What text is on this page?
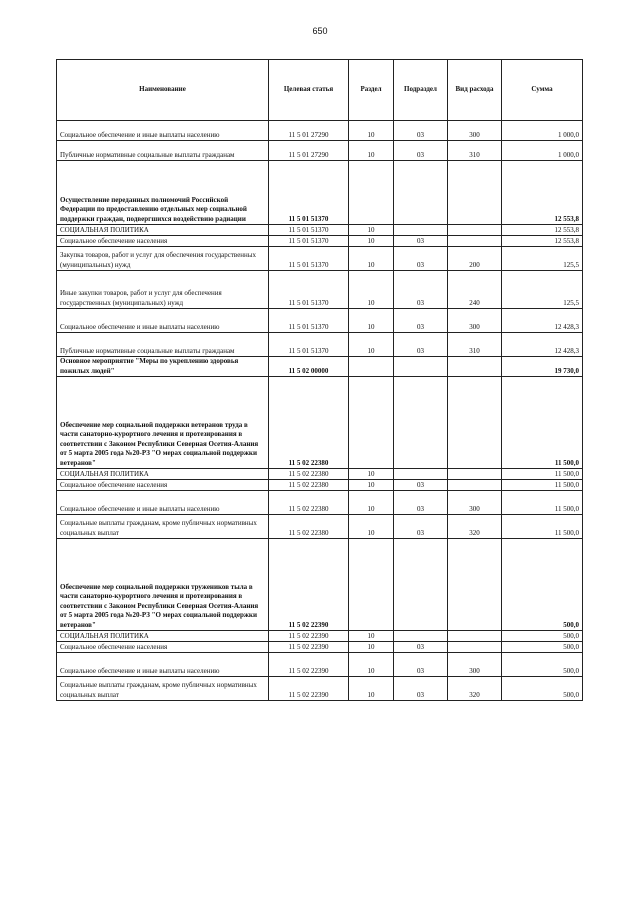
650
Наименование	Целевая статья	Раздел	Подраздел	Вид расхода	Сумма
Социальное обеспечение и иные выплаты населению	11 5 01 27290	10	03	300	1 000,0
Публичные нормативные социальные выплаты гражданам	11 5 01 27290	10	03	310	1 000,0
Осуществление переданных полномочий Российской Федерации по предоставлению отдельных мер социальной поддержки граждан, подвергшихся воздействию радиации	11 5 01 51370				12 553,8
СОЦИАЛЬНАЯ ПОЛИТИКА	11 5 01 51370	10			12 553,8
Социальное обеспечение населения	11 5 01 51370	10	03		12 553,8
Закупка товаров, работ и услуг для обеспечения государственных (муниципальных) нужд	11 5 01 51370	10	03	200	125,5
Иные закупки товаров, работ и услуг для обеспечения государственных (муниципальных) нужд	11 5 01 51370	10	03	240	125,5
Социальное обеспечение и иные выплаты населению	11 5 01 51370	10	03	300	12 428,3
Публичные нормативные социальные выплаты гражданам	11 5 01 51370	10	03	310	12 428,3
Основное мероприятие "Меры по укреплению здоровья пожилых людей"	11 5 02 00000				19 730,0
Обеспечение мер социальной поддержки ветеранов труда в части санаторно-курортного лечения и протезирования в соответствии с Законом Республики Северная Осетия-Алания от 5 марта 2005 года №20-РЗ "О мерах социальной поддержки ветеранов"	11 5 02 22380				11 500,0
СОЦИАЛЬНАЯ ПОЛИТИКА	11 5 02 22380	10			11 500,0
Социальное обеспечение населения	11 5 02 22380	10	03		11 500,0
Социальное обеспечение и иные выплаты населению	11 5 02 22380	10	03	300	11 500,0
Социальные выплаты гражданам, кроме публичных нормативных социальных выплат	11 5 02 22380	10	03	320	11 500,0
Обеспечение мер социальной поддержки тружеников тыла в части санаторно-курортного лечения и протезирования в соответствии с Законом Республики Северная Осетия-Алания от 5 марта 2005 года №20-РЗ "О мерах социальной поддержки ветеранов"	11 5 02 22390				500,0
СОЦИАЛЬНАЯ ПОЛИТИКА	11 5 02 22390	10			500,0
Социальное обеспечение населения	11 5 02 22390	10	03		500,0
Социальное обеспечение и иные выплаты населению	11 5 02 22390	10	03	300	500,0
Социальные выплаты гражданам, кроме публичных нормативных социальных выплат	11 5 02 22390	10	03	320	500,0
